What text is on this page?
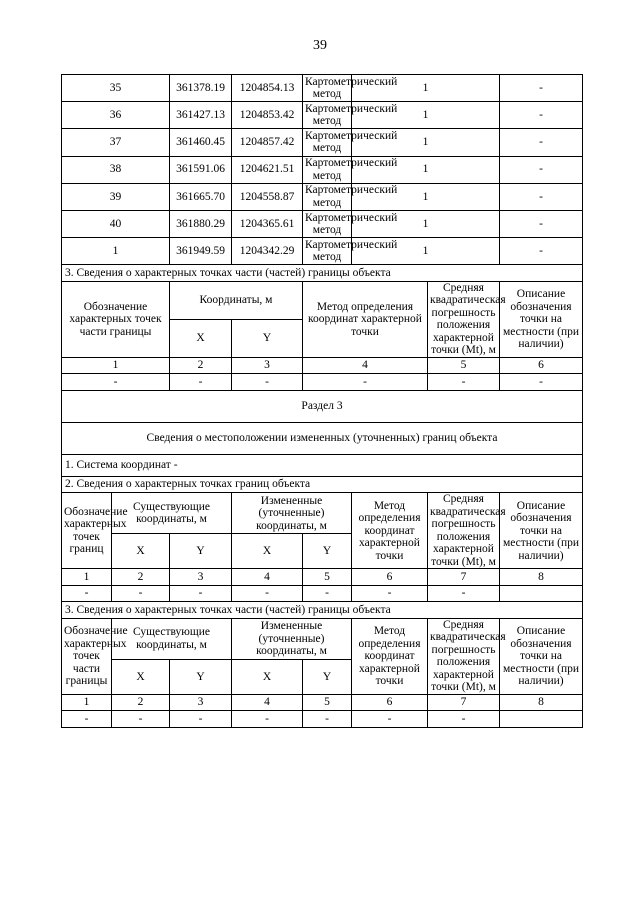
39
35		361378.19	1204854.13	Картометрический метод	1		-
36		361427.13	1204853.42	Картометрический метод	1		-
37		361460.45	1204857.42	Картометрический метод	1		-
38		361591.06	1204621.51	Картометрический метод	1		-
39		361665.70	1204558.87	Картометрический метод	1		-
40		361880.29	1204365.61	Картометрический метод	1		-
1		361949.59	1204342.29	Картометрический метод	1		-
3. Сведения о характерных точках части (частей) границы объекта							
Обозначение характерных точек части границы		Координаты, м		Метод определения координат характерной точки		Средняя квадратическая погрешность положения характерной точки (Mt), м	Описание обозначения точки на местности (при наличии)
		X	Y				
1		2	3	4		5	6
-		-	-	-		-	-
Раздел 3							
Сведения о местоположении измененных (уточненных) границ объекта							
1. Система координат -							
2. Сведения о характерных точках границ объекта							
Обозначение характерных точек границ	Существующие координаты, м		Измененные (уточненные) координаты, м		Метод определения координат характерной точки	Средняя квадратическая погрешность положения характерной точки (Mt), м	Описание обозначения точки на местности (при наличии)
	X	Y	X	Y			
1	2	3	4	5	6	7	8
-	-	-	-	-	-	-	
3. Сведения о характерных точках части (частей) границы объекта							
Обозначение характерных точек части границы	Существующие координаты, м		Измененные (уточненные) координаты, м		Метод определения координат характерной точки	Средняя квадратическая погрешность положения характерной точки (Mt), м	Описание обозначения точки на местности (при наличии)
	X	Y	X	Y			
1	2	3	4	5	6	7	8
-	-	-	-	-	-	-	
